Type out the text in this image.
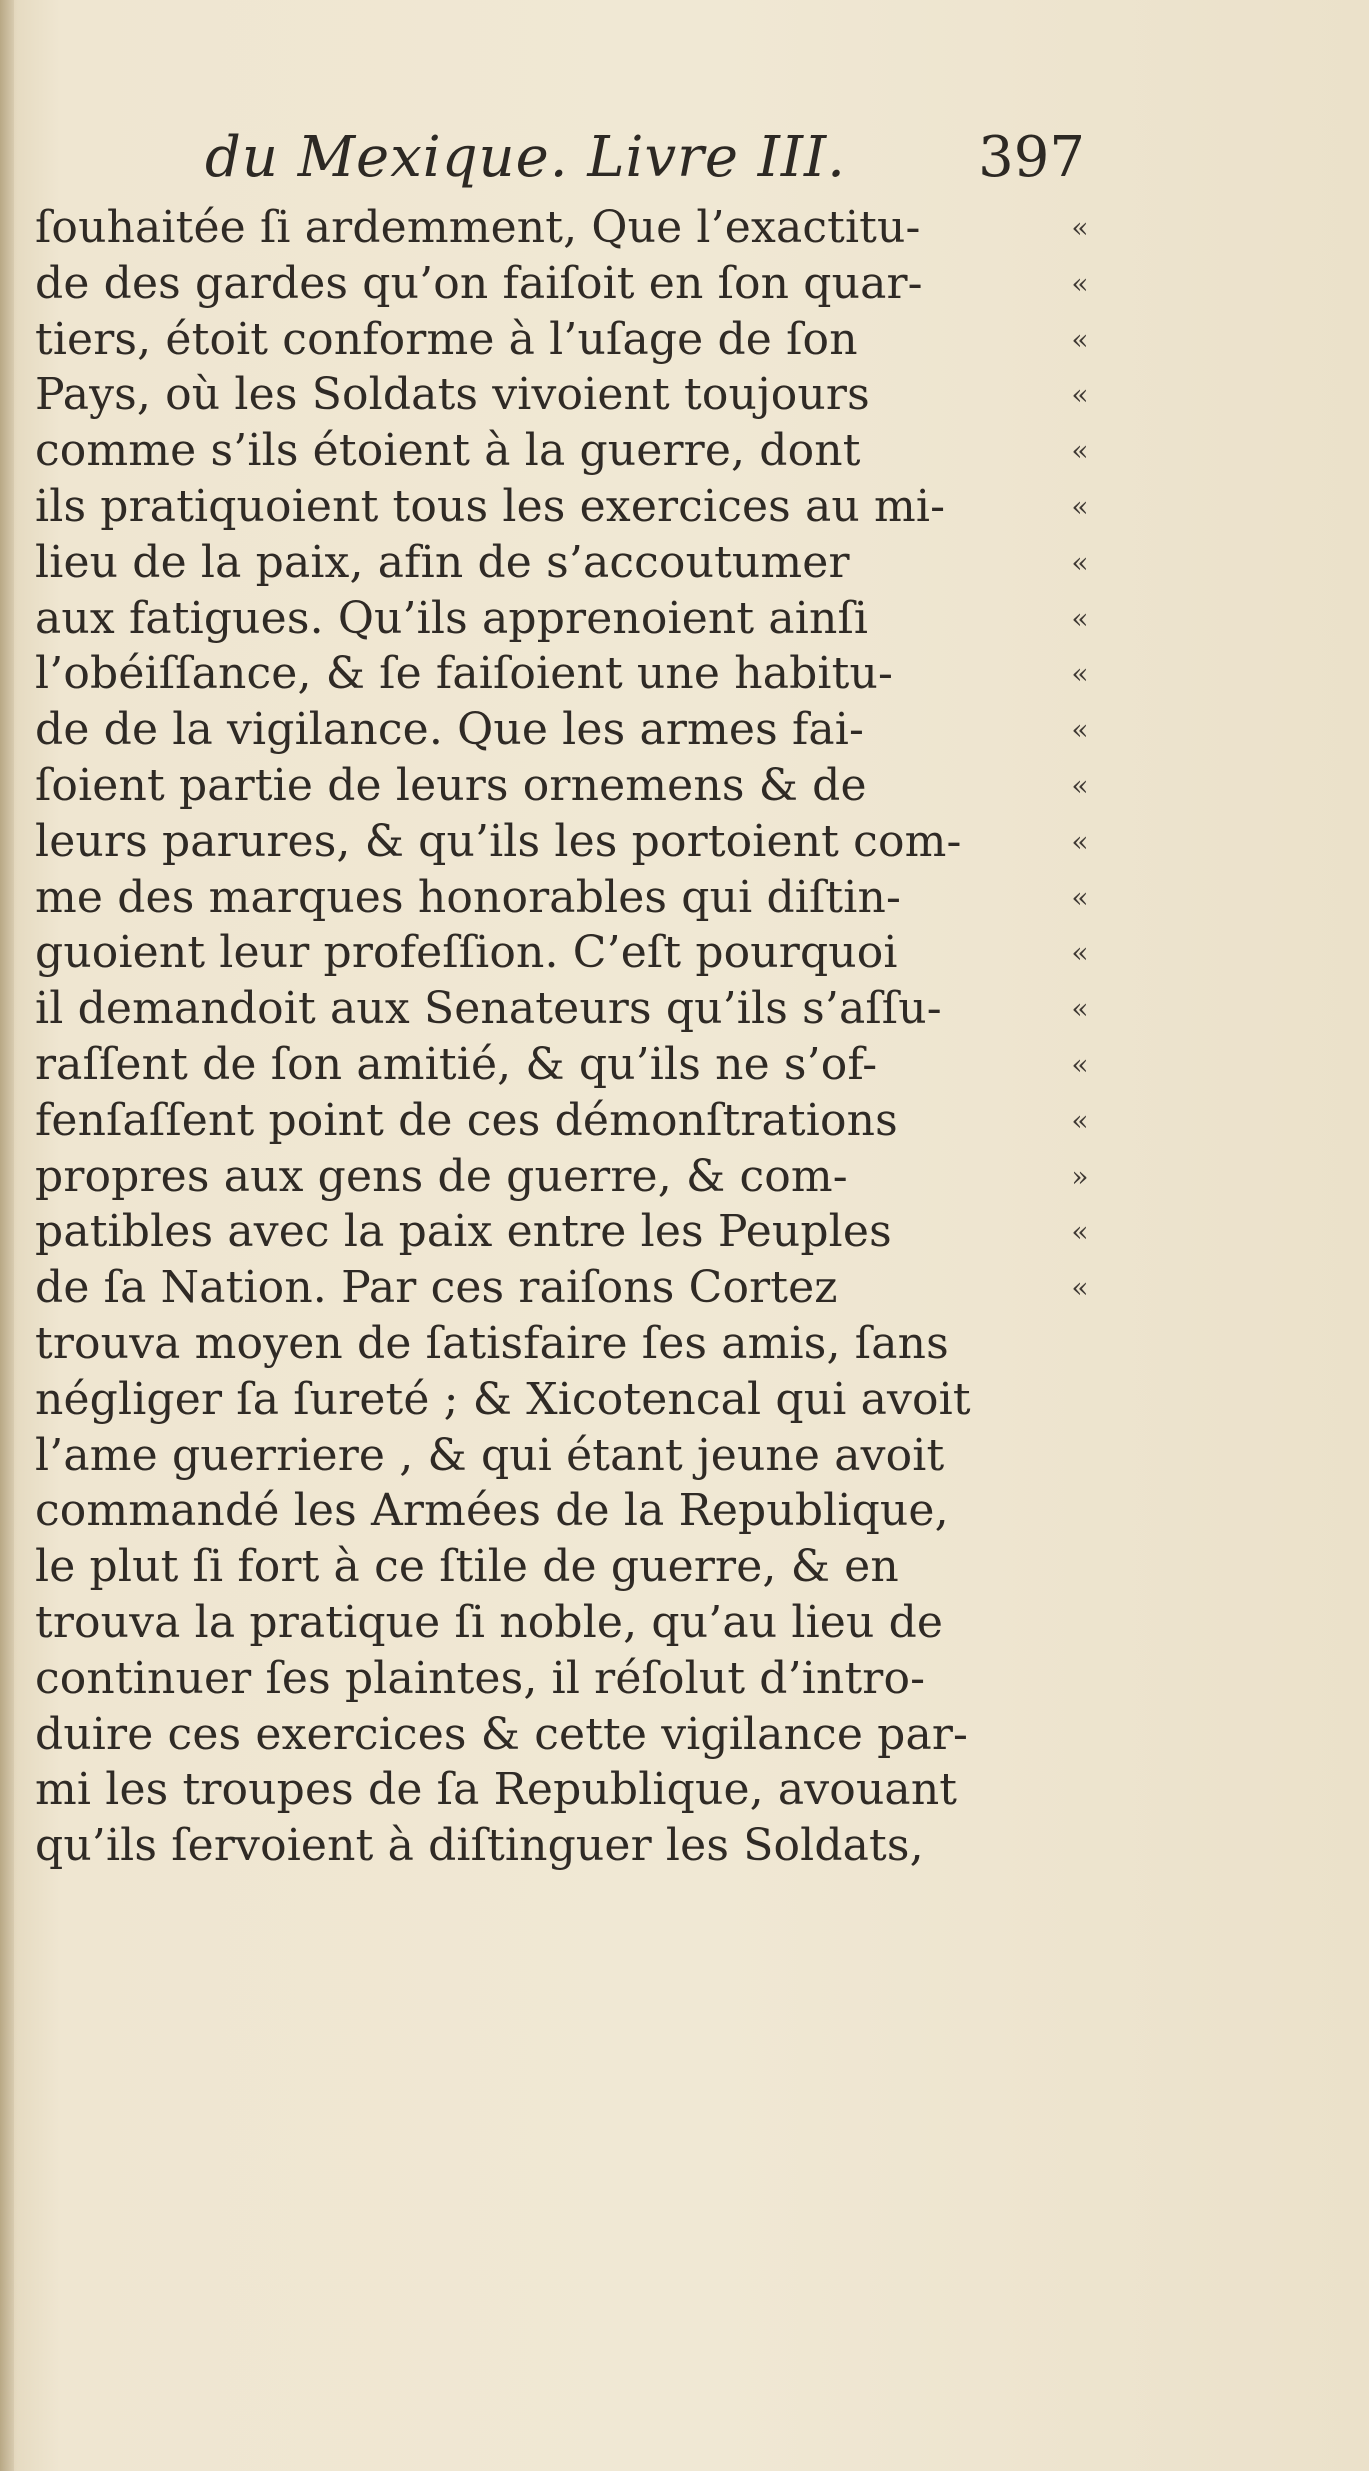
du Mexique. Livre III. 397
ſouhaitée ſi ardemment, Que l’exactitu-	«
de des gardes qu’on faiſoit en ſon quar-	«
tiers, étoit conforme à l’uſage de ſon	«
Pays, où les Soldats vivoient toujours	«
comme s’ils étoient à la guerre, dont	«
ils pratiquoient tous les exercices au mi-	«
lieu de la paix, afin de s’accoutumer	«
aux fatigues. Qu’ils apprenoient ainſi	«
l’obéiſſance, & ſe faiſoient une habitu-	«
de de la vigilance. Que les armes fai-	«
ſoient partie de leurs ornemens & de	«
leurs parures, & qu’ils les portoient com-	«
me des marques honorables qui diſtin-	«
guoient leur profeſſion. C’eſt pourquoi	«
il demandoit aux Senateurs qu’ils s’aſſu-	«
raſſent de ſon amitié, & qu’ils ne s’of-	«
fenſaſſent point de ces démonſtrations	«
propres aux gens de guerre, & com-	»
patibles avec la paix entre les Peuples	«
de ſa Nation. Par ces raiſons Cortez	«
trouva moyen de ſatisfaire ſes amis, ſans
négliger ſa ſureté ; & Xicotencal qui avoit
l’ame guerriere , & qui étant jeune avoit
commandé les Armées de la Republique,
le plut ſi fort à ce ſtile de guerre, & en
trouva la pratique ſi noble, qu’au lieu de
continuer ſes plaintes, il réſolut d’intro-
duire ces exercices & cette vigilance par-
mi les troupes de ſa Republique, avouant
qu’ils ſervoient à diſtinguer les Soldats,
